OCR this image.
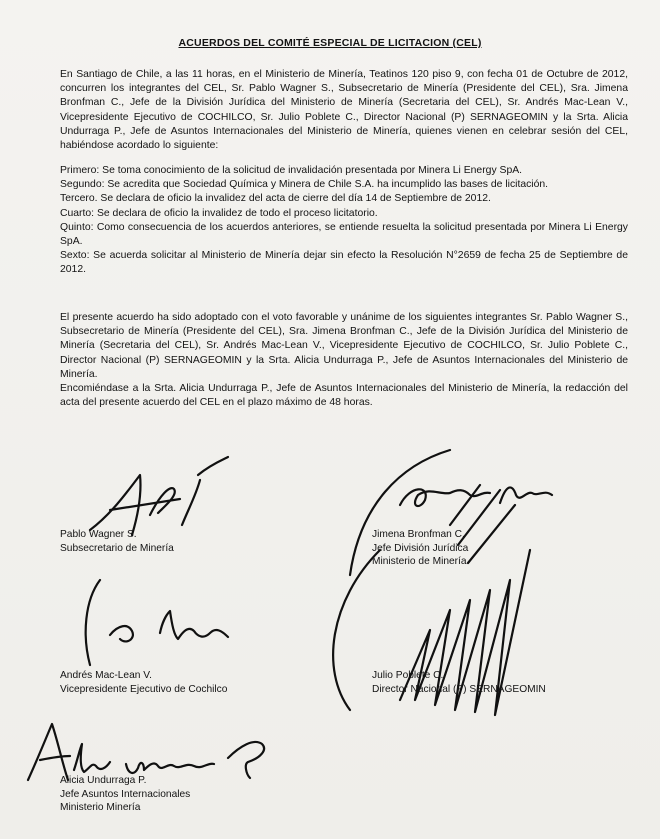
ACUERDOS DEL COMITÉ ESPECIAL DE LICITACION (CEL)
En Santiago de Chile, a las 11 horas, en el Ministerio de Minería, Teatinos 120 piso 9, con fecha 01 de Octubre de 2012, concurren los integrantes del CEL, Sr. Pablo Wagner S., Subsecretario de Minería (Presidente del CEL), Sra. Jimena Bronfman C., Jefe de la División Jurídica del Ministerio de Minería (Secretaria del CEL), Sr. Andrés Mac-Lean V., Vicepresidente Ejecutivo de COCHILCO, Sr. Julio Poblete C., Director Nacional (P) SERNAGEOMIN y la Srta. Alicia Undurraga P., Jefe de Asuntos Internacionales del Ministerio de Minería, quienes vienen en celebrar sesión del CEL, habiéndose acordado lo siguiente:
Primero: Se toma conocimiento de la solicitud de invalidación presentada por Minera Li Energy SpA.
Segundo: Se acredita que Sociedad Química y Minera de Chile S.A. ha incumplido las bases de licitación.
Tercero. Se declara de oficio la invalidez del acta de cierre del día 14 de Septiembre de 2012.
Cuarto: Se declara de oficio la invalidez de todo el proceso licitatorio.
Quinto: Como consecuencia de los acuerdos anteriores, se entiende resuelta la solicitud presentada por Minera Li Energy SpA.
Sexto: Se acuerda solicitar al Ministerio de Minería dejar sin efecto la Resolución N°2659 de fecha 25 de Septiembre de 2012.
El presente acuerdo ha sido adoptado con el voto favorable y unánime de los siguientes integrantes Sr. Pablo Wagner S., Subsecretario de Minería (Presidente del CEL), Sra. Jimena Bronfman C., Jefe de la División Jurídica del Ministerio de Minería (Secretaria del CEL), Sr. Andrés Mac-Lean V., Vicepresidente Ejecutivo de COCHILCO, Sr. Julio Poblete C., Director Nacional (P) SERNAGEOMIN y la Srta. Alicia Undurraga P., Jefe de Asuntos Internacionales del Ministerio de Minería.
Encomiéndase a la Srta. Alicia Undurraga P., Jefe de Asuntos Internacionales del Ministerio de Minería, la redacción del acta del presente acuerdo del CEL en el plazo máximo de 48 horas.
Pablo Wagner S.
Subsecretario de Minería
Jimena Bronfman C.
Jefe División Jurídica
Ministerio de Minería
Andrés Mac-Lean V.
Vicepresidente Ejecutivo de Cochilco
Julio Poblete C.
Director Nacional (P) SERNAGEOMIN
Alicia Undurraga P.
Jefe Asuntos Internacionales
Ministerio Minería
